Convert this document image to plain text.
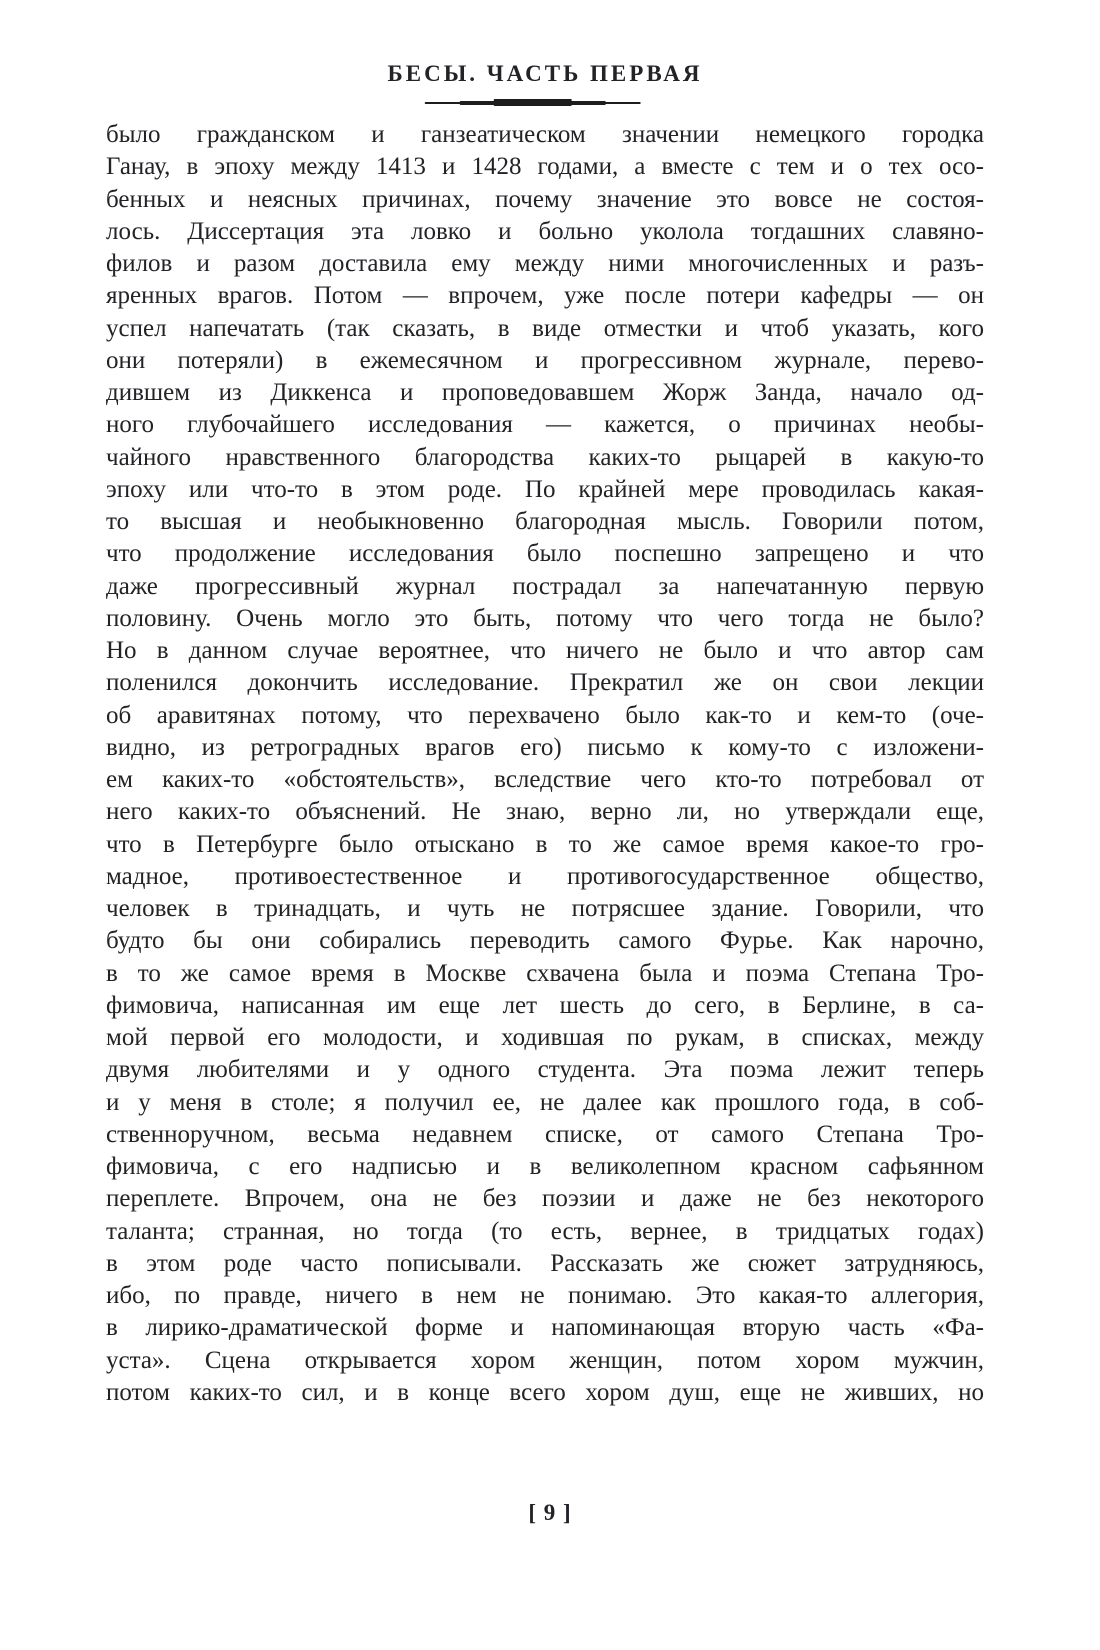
БЕСЫ. ЧАСТЬ ПЕРВАЯ
было гражданском и ганзеатическом значении немецкого городка
Ганау, в эпоху между 1413 и 1428 годами, а вместе с тем и о тех осо-
бенных и неясных причинах, почему значение это вовсе не состоя-
лось. Диссертация эта ловко и больно уколола тогдашних славяно-
филов и разом доставила ему между ними многочисленных и разъ-
яренных врагов. Потом — впрочем, уже после потери кафедры — он
успел напечатать (так сказать, в виде отместки и чтоб указать, кого
они потеряли) в ежемесячном и прогрессивном журнале, перево-
дившем из Диккенса и проповедовавшем Жорж Занда, начало од-
ного глубочайшего исследования — кажется, о причинах необы-
чайного нравственного благородства каких-то рыцарей в какую-то
эпоху или что-то в этом роде. По крайней мере проводилась какая-
то высшая и необыкновенно благородная мысль. Говорили потом,
что продолжение исследования было поспешно запрещено и что
даже прогрессивный журнал пострадал за напечатанную первую
половину. Очень могло это быть, потому что чего тогда не было?
Но в данном случае вероятнее, что ничего не было и что автор сам
поленился докончить исследование. Прекратил же он свои лекции
об аравитянах потому, что перехвачено было как-то и кем-то (оче-
видно, из ретроградных врагов его) письмо к кому-то с изложени-
ем каких-то «обстоятельств», вследствие чего кто-то потребовал от
него каких-то объяснений. Не знаю, верно ли, но утверждали еще,
что в Петербурге было отыскано в то же самое время какое-то гро-
мадное, противоестественное и противогосударственное общество,
человек в тринадцать, и чуть не потрясшее здание. Говорили, что
будто бы они собирались переводить самого Фурье. Как нарочно,
в то же самое время в Москве схвачена была и поэма Степана Тро-
фимовича, написанная им еще лет шесть до сего, в Берлине, в са-
мой первой его молодости, и ходившая по рукам, в списках, между
двумя любителями и у одного студента. Эта поэма лежит теперь
и у меня в столе; я получил ее, не далее как прошлого года, в соб-
ственноручном, весьма недавнем списке, от самого Степана Тро-
фимовича, с его надписью и в великолепном красном сафьянном
переплете. Впрочем, она не без поэзии и даже не без некоторого
таланта; странная, но тогда (то есть, вернее, в тридцатых годах)
в этом роде часто пописывали. Рассказать же сюжет затрудняюсь,
ибо, по правде, ничего в нем не понимаю. Это какая-то аллегория,
в лирико-драматической форме и напоминающая вторую часть «Фа-
уста». Сцена открывается хором женщин, потом хором мужчин,
потом каких-то сил, и в конце всего хором душ, еще не живших, но
[ 9 ]
